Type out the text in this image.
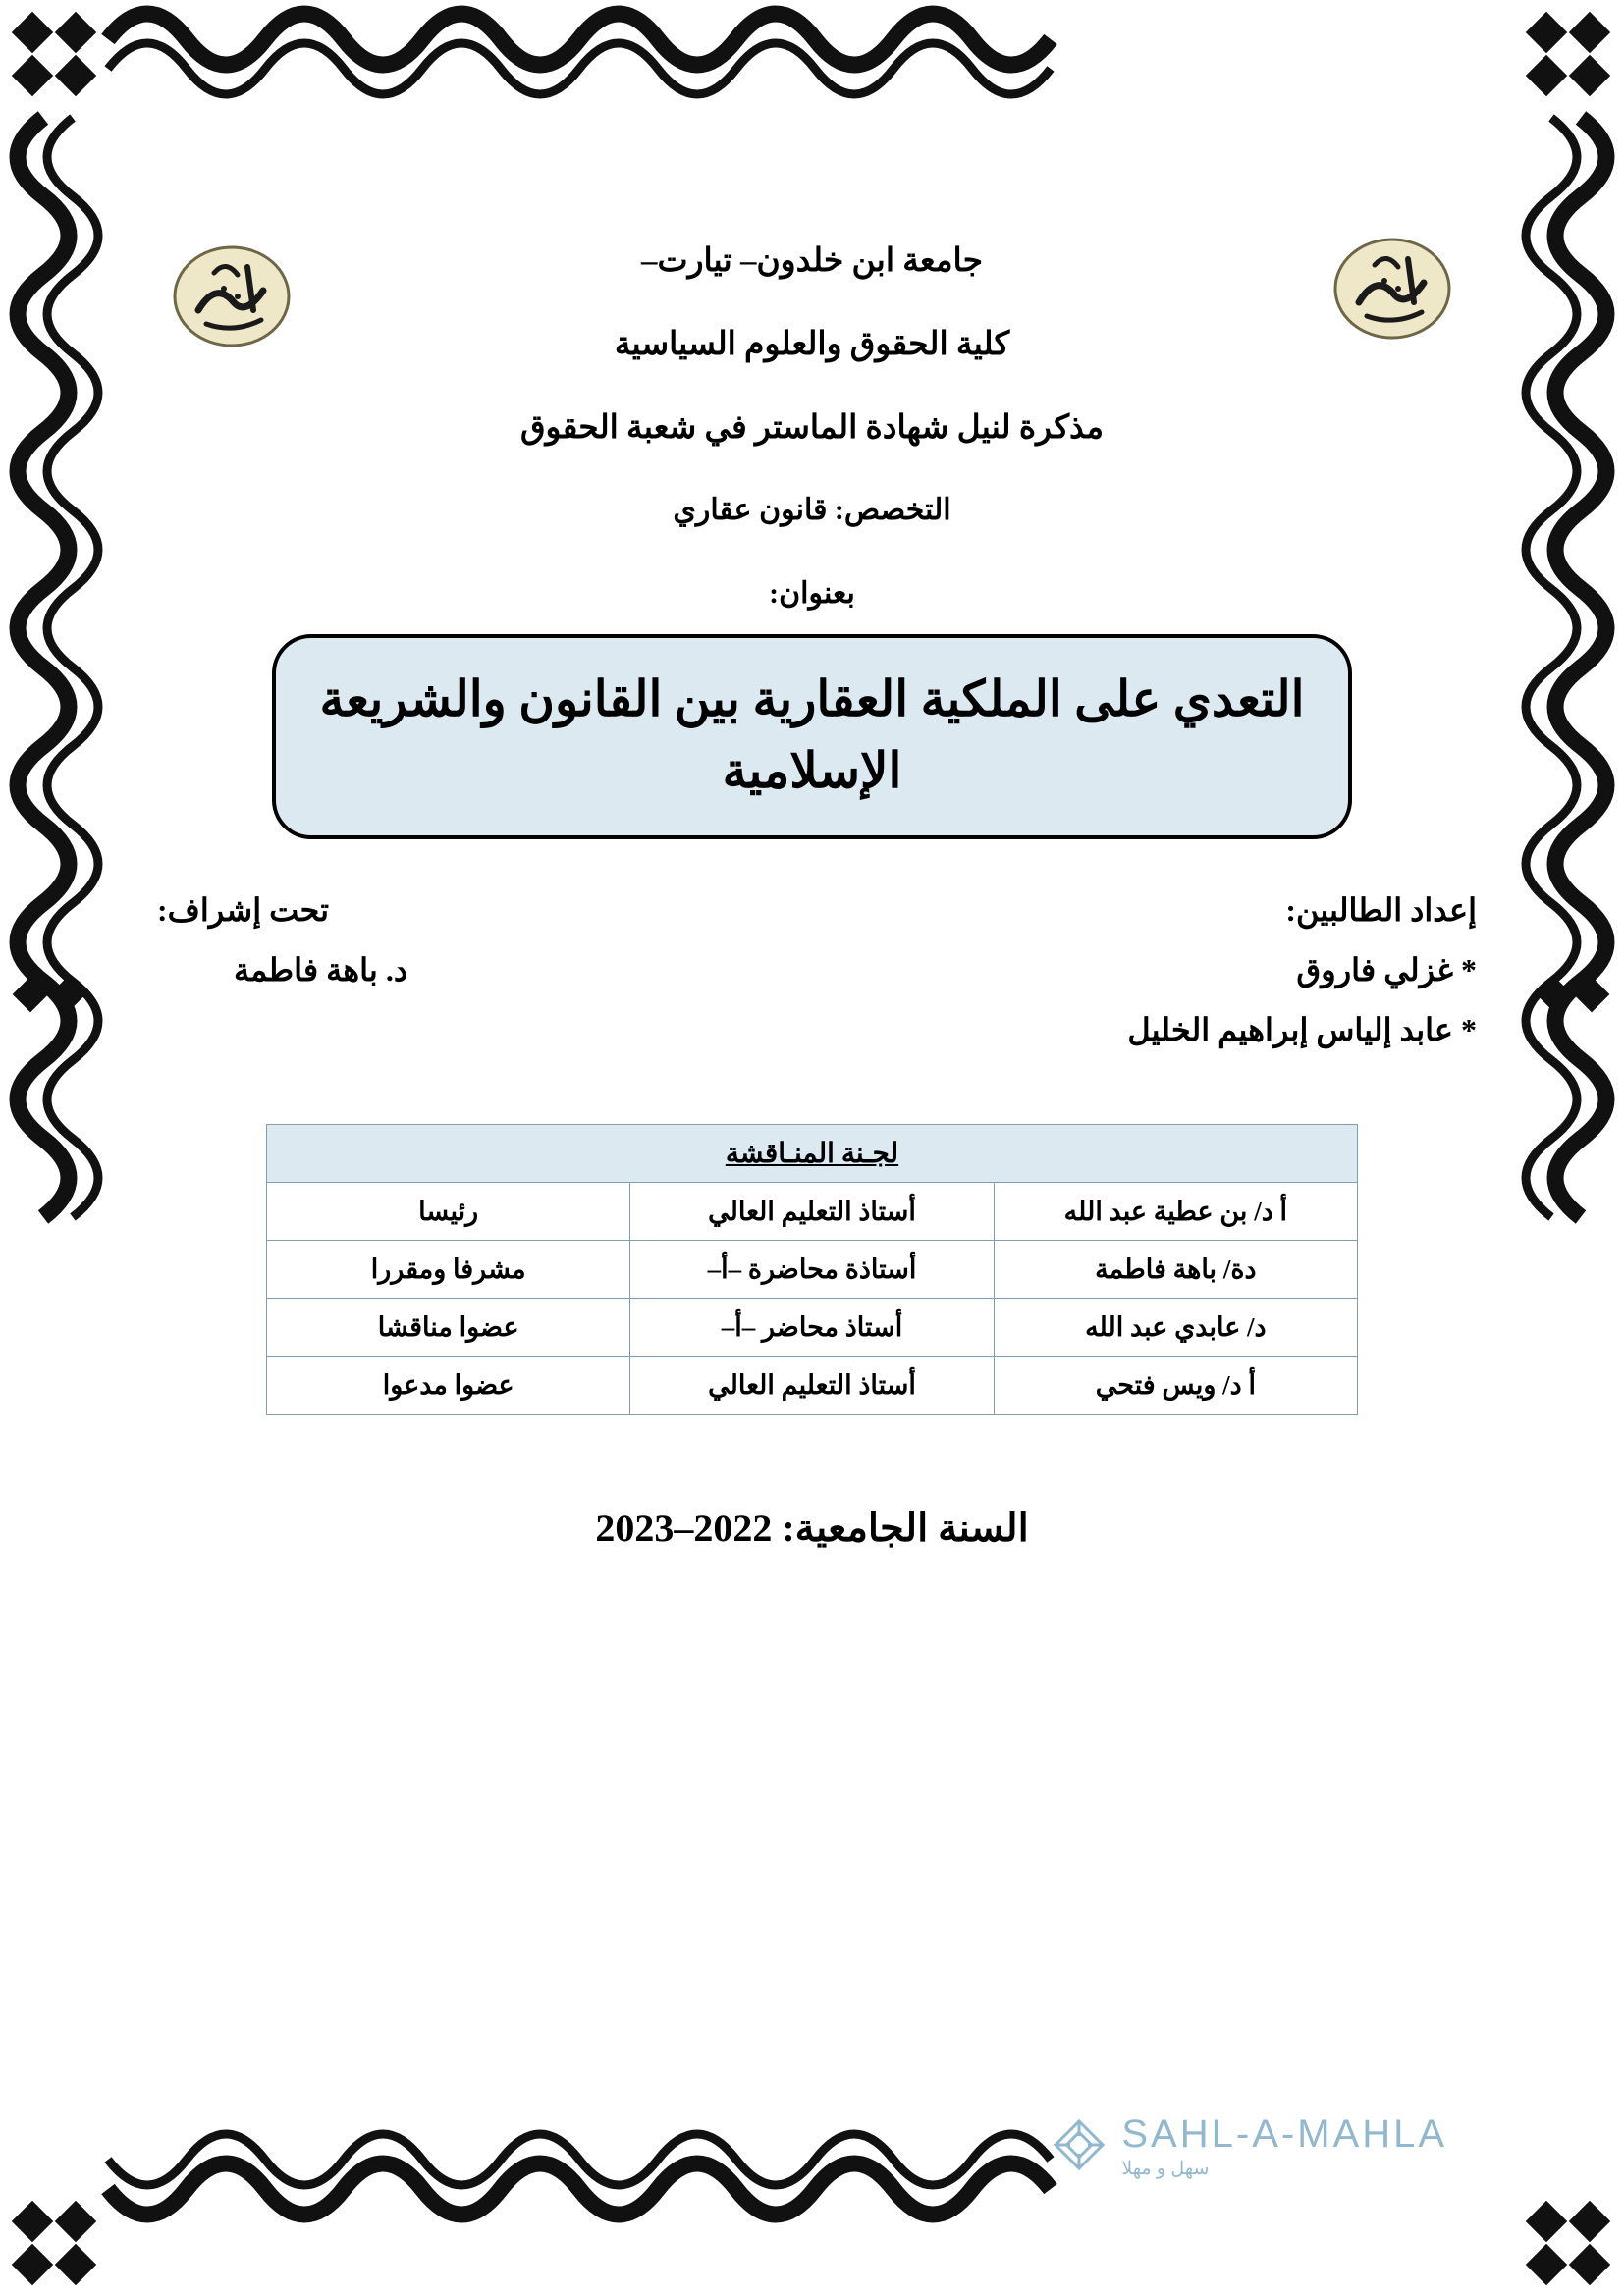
جامعة ابن خلدون– تيارت–
كلية الحقوق والعلوم السياسية
مذكرة لنيل شهادة الماستر في شعبة الحقوق
التخصص: قانون عقاري
بعنوان:
التعدي على الملكية العقارية بين القانون والشريعة الإسلامية
إعداد الطالبين:
* غزلي فاروق
* عابد إلياس إبراهيم الخليل
تحت إشراف:
د. باهة فاطمة
لجـنة المنـاقشة		
أ د/ بن عطية عبد الله	أستاذ التعليم العالي	رئيسا
دة/ باهة فاطمة	أستاذة محاضرة –أ–	مشرفا ومقررا
د/ عابدي عبد الله	أستاذ محاضر –أ–	عضوا مناقشا
أ د/ ويس فتحي	أستاذ التعليم العالي	عضوا مدعوا
السنة الجامعية: 2022–2023
SAHL-A-MAHLA
سهل و مهلا
